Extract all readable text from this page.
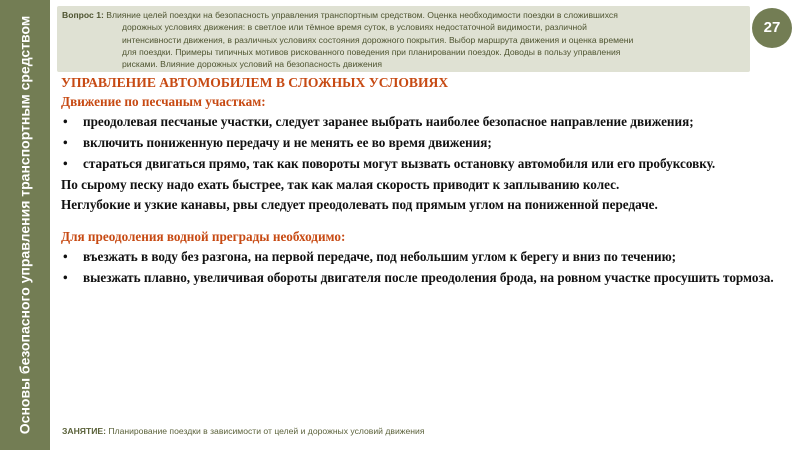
Основы безопасного управления транспортным средством
Вопрос 1: Влияние целей поездки на безопасность управления транспортным средством. Оценка необходимости поездки в сложившихся
дорожных условиях движения: в светлое или тёмное время суток, в условиях недостаточной видимости, различной
интенсивности движения, в различных условиях состояния дорожного покрытия. Выбор маршрута движения и оценка времени
для поездки. Примеры типичных мотивов рискованного поведения при планировании поездок. Доводы в пользу управления
рисками. Влияние дорожных условий на безопасность движения
27

УПРАВЛЕНИЕ АВТОМОБИЛЕМ В СЛОЖНЫХ УСЛОВИЯХ

Движение по песчаным участкам:

• преодолевая песчаные участки, следует заранее выбрать наиболее безопасное направление движения;
• включить пониженную передачу и не менять ее во время движения;
• стараться двигаться прямо, так как повороты могут вызвать остановку автомобиля или его пробуксовку.

По сырому песку надо ехать быстрее, так как малая скорость приводит к заплыванию колес.

Неглубокие и узкие канавы, рвы следует преодолевать под прямым углом на пониженной передаче.

Для преодоления водной преграды необходимо:

• въезжать в воду без разгона, на первой передаче, под небольшим углом к берегу и вниз по течению;
• выезжать плавно, увеличивая обороты двигателя после преодоления брода, на ровном участке просушить тормоза.
ЗАНЯТИЕ: Планирование поездки в зависимости от целей и дорожных условий движения
